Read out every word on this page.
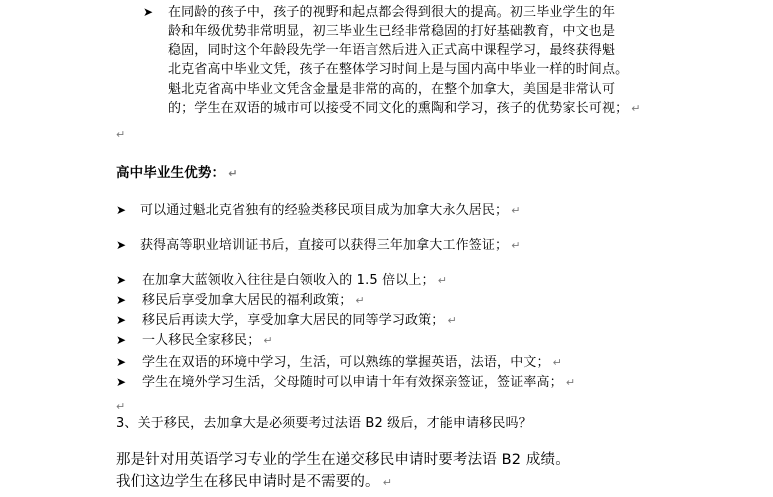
➤ 在同龄的孩子中，孩子的视野和起点都会得到很大的提高。初三毕业学生的年
龄和年级优势非常明显，初三毕业生已经非常稳固的打好基础教育，中文也是
稳固，同时这个年龄段先学一年语言然后进入正式高中课程学习，最终获得魁
北克省高中毕业文凭，孩子在整体学习时间上是与国内高中毕业一样的时间点。
魁北克省高中毕业文凭含金量是非常的高的，在整个加拿大，美国是非常认可
的；学生在双语的城市可以接受不同文化的熏陶和学习，孩子的优势家长可视； ↵
↵
高中毕业生优势： ↵
➤ 可以通过魁北克省独有的经验类移民项目成为加拿大永久居民； ↵
➤ 获得高等职业培训证书后，直接可以获得三年加拿大工作签证； ↵
➤ 在加拿大蓝领收入往往是白领收入的 1.5 倍以上； ↵
➤ 移民后享受加拿大居民的福利政策； ↵
➤ 移民后再读大学，享受加拿大居民的同等学习政策； ↵
➤ 一人移民全家移民； ↵
➤ 学生在双语的环境中学习，生活，可以熟练的掌握英语，法语，中文； ↵
➤ 学生在境外学习生活，父母随时可以申请十年有效探亲签证，签证率高； ↵
↵
3、关于移民，去加拿大是必须要考过法语 B2 级后，才能申请移民吗？
那是针对用英语学习专业的学生在递交移民申请时要考法语 B2 成绩。
我们这边学生在移民申请时是不需要的。 ↵
